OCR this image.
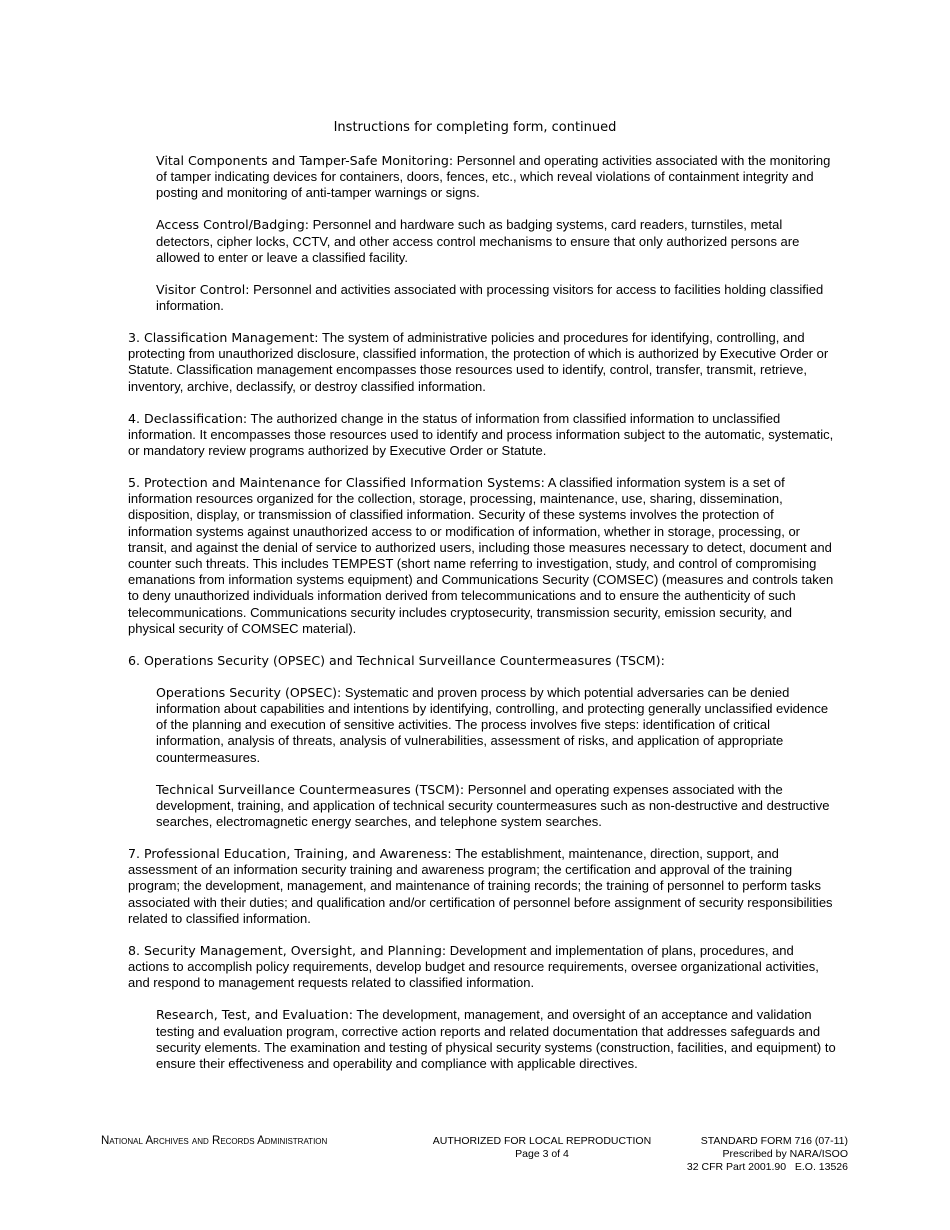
Instructions for completing form, continued

Vital Components and Tamper-Safe Monitoring: Personnel and operating activities associated with the monitoring of tamper indicating devices for containers, doors, fences, etc., which reveal violations of containment integrity and posting and monitoring of anti-tamper warnings or signs.

Access Control/Badging: Personnel and hardware such as badging systems, card readers, turnstiles, metal detectors, cipher locks, CCTV, and other access control mechanisms to ensure that only authorized persons are allowed to enter or leave a classified facility.

Visitor Control: Personnel and activities associated with processing visitors for access to facilities holding classified information.

3. Classification Management: The system of administrative policies and procedures for identifying, controlling, and protecting from unauthorized disclosure, classified information, the protection of which is authorized by Executive Order or Statute. Classification management encompasses those resources used to identify, control, transfer, transmit, retrieve, inventory, archive, declassify, or destroy classified information.

4. Declassification: The authorized change in the status of information from classified information to unclassified information. It encompasses those resources used to identify and process information subject to the automatic, systematic, or mandatory review programs authorized by Executive Order or Statute.

5. Protection and Maintenance for Classified Information Systems: A classified information system is a set of information resources organized for the collection, storage, processing, maintenance, use, sharing, dissemination, disposition, display, or transmission of classified information. Security of these systems involves the protection of information systems against unauthorized access to or modification of information, whether in storage, processing, or transit, and against the denial of service to authorized users, including those measures necessary to detect, document and counter such threats. This includes TEMPEST (short name referring to investigation, study, and control of compromising emanations from information systems equipment) and Communications Security (COMSEC) (measures and controls taken to deny unauthorized individuals information derived from telecommunications and to ensure the authenticity of such telecommunications. Communications security includes cryptosecurity, transmission security, emission security, and physical security of COMSEC material).

6. Operations Security (OPSEC) and Technical Surveillance Countermeasures (TSCM):

Operations Security (OPSEC): Systematic and proven process by which potential adversaries can be denied information about capabilities and intentions by identifying, controlling, and protecting generally unclassified evidence of the planning and execution of sensitive activities. The process involves five steps: identification of critical information, analysis of threats, analysis of vulnerabilities, assessment of risks, and application of appropriate countermeasures.

Technical Surveillance Countermeasures (TSCM): Personnel and operating expenses associated with the development, training, and application of technical security countermeasures such as non-destructive and destructive searches, electromagnetic energy searches, and telephone system searches.

7. Professional Education, Training, and Awareness: The establishment, maintenance, direction, support, and assessment of an information security training and awareness program; the certification and approval of the training program; the development, management, and maintenance of training records; the training of personnel to perform tasks associated with their duties; and qualification and/or certification of personnel before assignment of security responsibilities related to classified information.

8. Security Management, Oversight, and Planning: Development and implementation of plans, procedures, and actions to accomplish policy requirements, develop budget and resource requirements, oversee organizational activities, and respond to management requests related to classified information.

Research, Test, and Evaluation: The development, management, and oversight of an acceptance and validation testing and evaluation program, corrective action reports and related documentation that addresses safeguards and security elements. The examination and testing of physical security systems (construction, facilities, and equipment) to ensure their effectiveness and operability and compliance with applicable directives.

National Archives and Records Administration	AUTHORIZED FOR LOCAL REPRODUCTION
Page 3 of 4
STANDARD FORM 716 (07-11)
Prescribed by NARA/ISOO
32 CFR Part 2001.90   E.O. 13526
